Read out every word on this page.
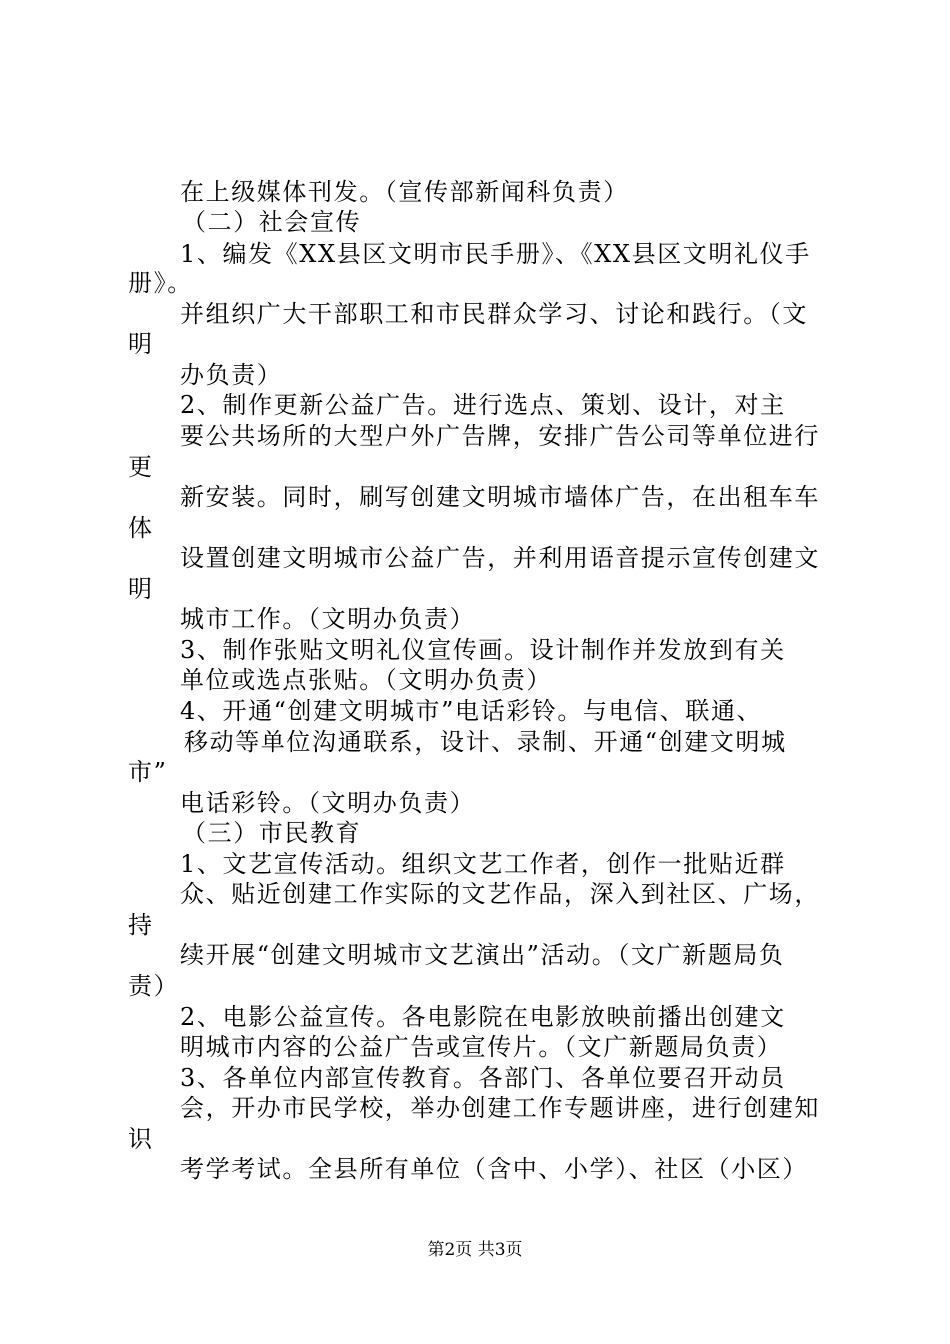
在上级媒体刊发。（宣传部新闻科负责）
（二）社会宣传
1、编发《XX县区文明市民手册》、《XX县区文明礼仪手
册》。
并组织广大干部职工和市民群众学习、讨论和践行。（文
明
办负责）
2、制作更新公益广告。进行选点、策划、设计，对主
要公共场所的大型户外广告牌，安排广告公司等单位进行
更
新安装。同时，刷写创建文明城市墙体广告，在出租车车
体
设置创建文明城市公益广告，并利用语音提示宣传创建文
明
城市工作。（文明办负责）
3、制作张贴文明礼仪宣传画。设计制作并发放到有关
单位或选点张贴。（文明办负责）
4、开通“创建文明城市”电话彩铃。与电信、联通、
移动等单位沟通联系，设计、录制、开通“创建文明城
市”
电话彩铃。（文明办负责）
（三）市民教育
1、文艺宣传活动。组织文艺工作者，创作一批贴近群
众、贴近创建工作实际的文艺作品，深入到社区、广场，
持
续开展“创建文明城市文艺演出”活动。（文广新题局负
责）
2、电影公益宣传。各电影院在电影放映前播出创建文
明城市内容的公益广告或宣传片。（文广新题局负责）
3、各单位内部宣传教育。各部门、各单位要召开动员
会，开办市民学校，举办创建工作专题讲座，进行创建知
识
考学考试。全县所有单位（含中、小学）、社区（小区）
第2页 共3页
